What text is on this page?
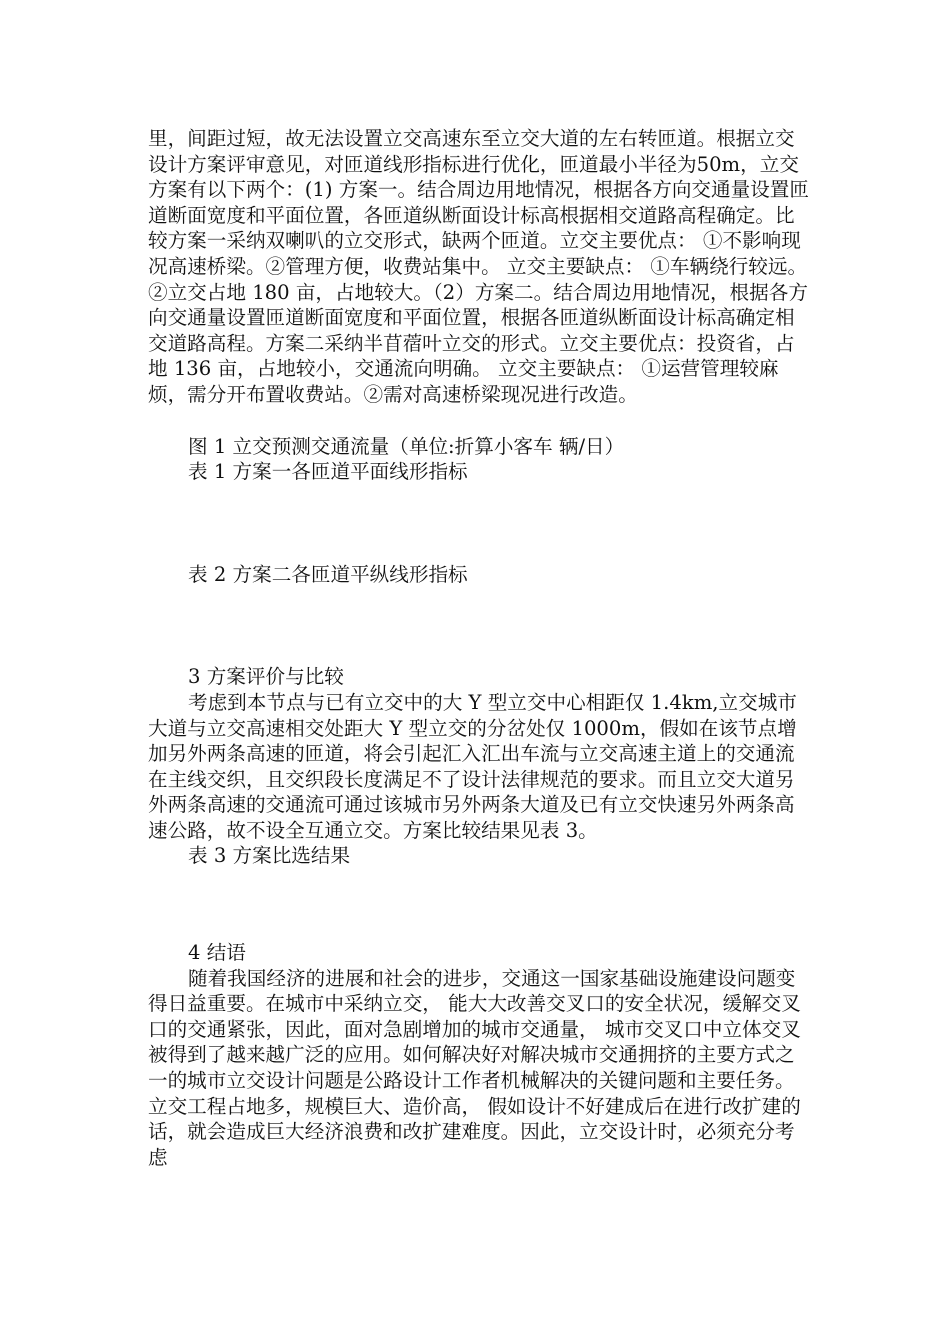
里，间距过短，故无法设置立交高速东至立交大道的左右转匝道。根据立交设计方案评审意见，对匝道线形指标进行优化，匝道最小半径为50m，立交方案有以下两个：(1) 方案一。结合周边用地情况，根据各方向交通量设置匝道断面宽度和平面位置，各匝道纵断面设计标高根据相交道路高程确定。比较方案一采纳双喇叭的立交形式，缺两个匝道。立交主要优点： ①不影响现况高速桥梁。②管理方便，收费站集中。 立交主要缺点： ①车辆绕行较远。②立交占地 180 亩，占地较大。（2）方案二。结合周边用地情况，根据各方向交通量设置匝道断面宽度和平面位置，根据各匝道纵断面设计标高确定相交道路高程。方案二采纳半苜蓿叶立交的形式。立交主要优点：投资省，占地 136 亩，占地较小，交通流向明确。 立交主要缺点： ①运营管理较麻烦，需分开布置收费站。②需对高速桥梁现况进行改造。

图 1 立交预测交通流量（单位:折算小客车 辆/日）

表 1 方案一各匝道平面线形指标

表 2 方案二各匝道平纵线形指标

3 方案评价与比较

考虑到本节点与已有立交中的大 Y 型立交中心相距仅 1.4km,立交城市大道与立交高速相交处距大 Y 型立交的分岔处仅 1000m，假如在该节点增加另外两条高速的匝道，将会引起汇入汇出车流与立交高速主道上的交通流在主线交织，且交织段长度满足不了设计法律规范的要求。而且立交大道另外两条高速的交通流可通过该城市另外两条大道及已有立交快速另外两条高速公路，故不设全互通立交。方案比较结果见表 3。

表 3 方案比选结果

4 结语

随着我国经济的进展和社会的进步，交通这一国家基础设施建设问题变得日益重要。在城市中采纳立交， 能大大改善交叉口的安全状况，缓解交叉口的交通紧张，因此，面对急剧增加的城市交通量， 城市交叉口中立体交叉被得到了越来越广泛的应用。如何解决好对解决城市交通拥挤的主要方式之一的城市立交设计问题是公路设计工作者机械解决的关键问题和主要任务。立交工程占地多，规模巨大、造价高， 假如设计不好建成后在进行改扩建的话，就会造成巨大经济浪费和改扩建难度。因此，立交设计时，必须充分考虑
